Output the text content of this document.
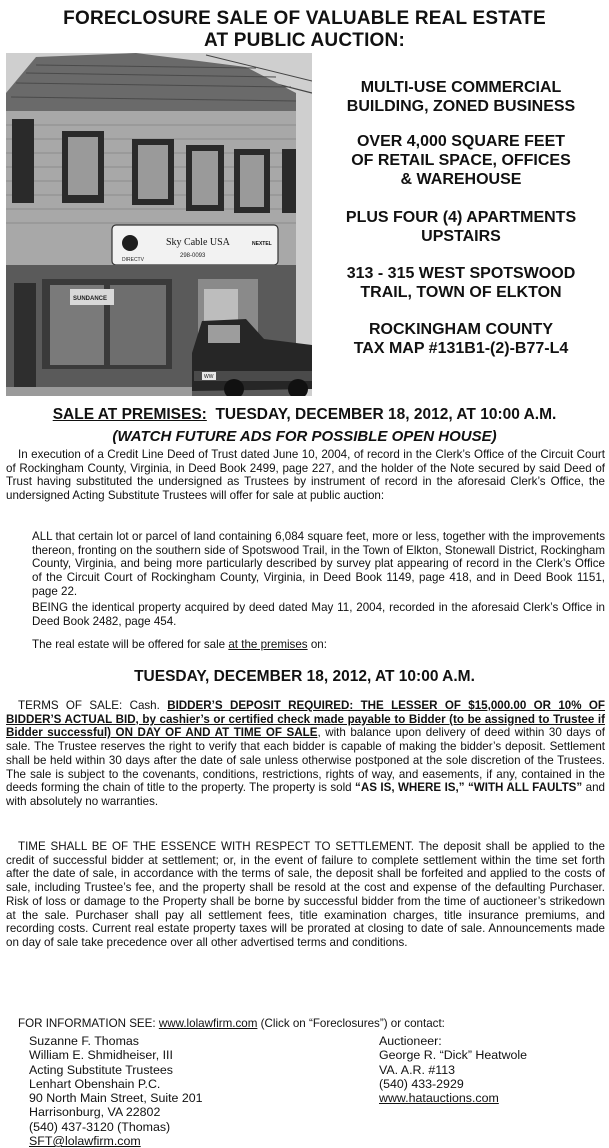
FORECLOSURE SALE OF VALUABLE REAL ESTATE
AT PUBLIC AUCTION:
DIRECTV
Sky Cable USA
298-0093
NEXTEL
SUNDANCE
WW
MULTI-USE COMMERCIAL
BUILDING, ZONED BUSINESS
OVER 4,000 SQUARE FEET
OF RETAIL SPACE, OFFICES
& WAREHOUSE
PLUS FOUR (4) APARTMENTS
UPSTAIRS
313 - 315 WEST SPOTSWOOD
TRAIL, TOWN OF ELKTON
ROCKINGHAM COUNTY
TAX MAP #131B1-(2)-B77-L4
SALE AT PREMISES: TUESDAY, DECEMBER 18, 2012, AT 10:00 A.M.
(WATCH FUTURE ADS FOR POSSIBLE OPEN HOUSE)
In execution of a Credit Line Deed of Trust dated June 10, 2004, of record in the Clerk’s Office of the Circuit Court of Rockingham County, Virginia, in Deed Book 2499, page 227, and the holder of the Note secured by said Deed of Trust having substituted the undersigned as Trustees by instrument of record in the aforesaid Clerk’s Office, the undersigned Acting Substitute Trustees will offer for sale at public auction:
ALL that certain lot or parcel of land containing 6,084 square feet, more or less, together with the improvements thereon, fronting on the southern side of Spotswood Trail, in the Town of Elkton, Stonewall District, Rockingham County, Virginia, and being more particularly described by survey plat appearing of record in the Clerk’s Office of the Circuit Court of Rockingham County, Virginia, in Deed Book 1149, page 418, and in Deed Book 1151, page 22.
BEING the identical property acquired by deed dated May 11, 2004, recorded in the aforesaid Clerk’s Office in Deed Book 2482, page 454.
The real estate will be offered for sale at the premises on:
TUESDAY, DECEMBER 18, 2012, AT 10:00 A.M.
TERMS OF SALE: Cash. BIDDER’S DEPOSIT REQUIRED: THE LESSER OF $15,000.00 OR 10% OF BIDDER’S ACTUAL BID, by cashier’s or certified check made payable to Bidder (to be assigned to Trustee if Bidder successful) ON DAY OF AND AT TIME OF SALE, with balance upon delivery of deed within 30 days of sale. The Trustee reserves the right to verify that each bidder is capable of making the bidder’s deposit. Settlement shall be held within 30 days after the date of sale unless otherwise postponed at the sole discretion of the Trustees. The sale is subject to the covenants, conditions, restrictions, rights of way, and easements, if any, contained in the deeds forming the chain of title to the property. The property is sold “AS IS, WHERE IS,” “WITH ALL FAULTS” and with absolutely no warranties.
TIME SHALL BE OF THE ESSENCE WITH RESPECT TO SETTLEMENT. The deposit shall be applied to the credit of successful bidder at settlement; or, in the event of failure to complete settlement within the time set forth after the date of sale, in accordance with the terms of sale, the deposit shall be forfeited and applied to the costs of sale, including Trustee’s fee, and the property shall be resold at the cost and expense of the defaulting Purchaser. Risk of loss or damage to the Property shall be borne by successful bidder from the time of auctioneer’s strikedown at the sale. Purchaser shall pay all settlement fees, title examination charges, title insurance premiums, and recording costs. Current real estate property taxes will be prorated at closing to date of sale. Announcements made on day of sale take precedence over all other advertised terms and conditions.
FOR INFORMATION SEE: www.lolawfirm.com (Click on “Foreclosures”) or contact:
Suzanne F. Thomas
William E. Shmidheiser, III
Acting Substitute Trustees
Lenhart Obenshain P.C.
90 North Main Street, Suite 201
Harrisonburg, VA 22802
(540) 437-3120 (Thomas)
SFT@lolawfirm.com
Auctioneer:
George R. “Dick” Heatwole
VA. A.R. #113
(540) 433-2929
www.hatauctions.com
